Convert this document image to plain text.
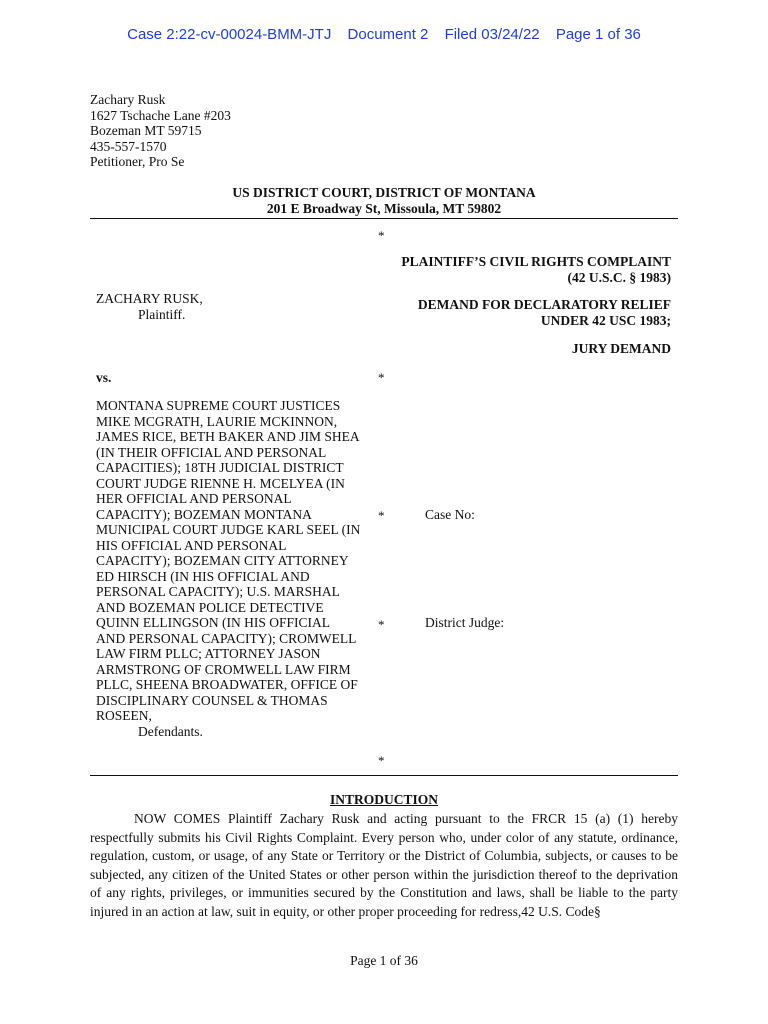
Case 2:22-cv-00024-BMM-JTJ Document 2 Filed 03/24/22 Page 1 of 36
Zachary Rusk
1627 Tschache Lane #203
Bozeman MT 59715
435-557-1570
Petitioner, Pro Se
US DISTRICT COURT, DISTRICT OF MONTANA
201 E Broadway St, Missoula, MT 59802
*
*
*
*
*
PLAINTIFF’S CIVIL RIGHTS COMPLAINT
(42 U.S.C. § 1983)
DEMAND FOR DECLARATORY RELIEF
UNDER 42 USC 1983;
JURY DEMAND
Case No:
District Judge:
ZACHARY RUSK,
Plaintiff.
vs.
MONTANA SUPREME COURT JUSTICES
MIKE MCGRATH, LAURIE MCKINNON,
JAMES RICE, BETH BAKER AND JIM SHEA
(IN THEIR OFFICIAL AND PERSONAL
CAPACITIES); 18TH JUDICIAL DISTRICT
COURT JUDGE RIENNE H. MCELYEA (IN
HER OFFICIAL AND PERSONAL
CAPACITY); BOZEMAN MONTANA
MUNICIPAL COURT JUDGE KARL SEEL (IN
HIS OFFICIAL AND PERSONAL
CAPACITY); BOZEMAN CITY ATTORNEY
ED HIRSCH (IN HIS OFFICIAL AND
PERSONAL CAPACITY); U.S. MARSHAL
AND BOZEMAN POLICE DETECTIVE
QUINN ELLINGSON (IN HIS OFFICIAL
AND PERSONAL CAPACITY); CROMWELL
LAW FIRM PLLC; ATTORNEY JASON
ARMSTRONG OF CROMWELL LAW FIRM
PLLC, SHEENA BROADWATER, OFFICE OF
DISCIPLINARY COUNSEL & THOMAS
ROSEEN,
Defendants.
INTRODUCTION
NOW COMES Plaintiff Zachary Rusk and acting pursuant to the FRCR 15 (a) (1) hereby respectfully submits his Civil Rights Complaint. Every person who, under color of any statute, ordinance, regulation, custom, or usage, of any State or Territory or the District of Columbia, subjects, or causes to be subjected, any citizen of the United States or other person within the jurisdiction thereof to the deprivation of any rights, privileges, or immunities secured by the Constitution and laws, shall be liable to the party injured in an action at law, suit in equity, or other proper proceeding for redress,42 U.S. Code§
Page 1 of 36
